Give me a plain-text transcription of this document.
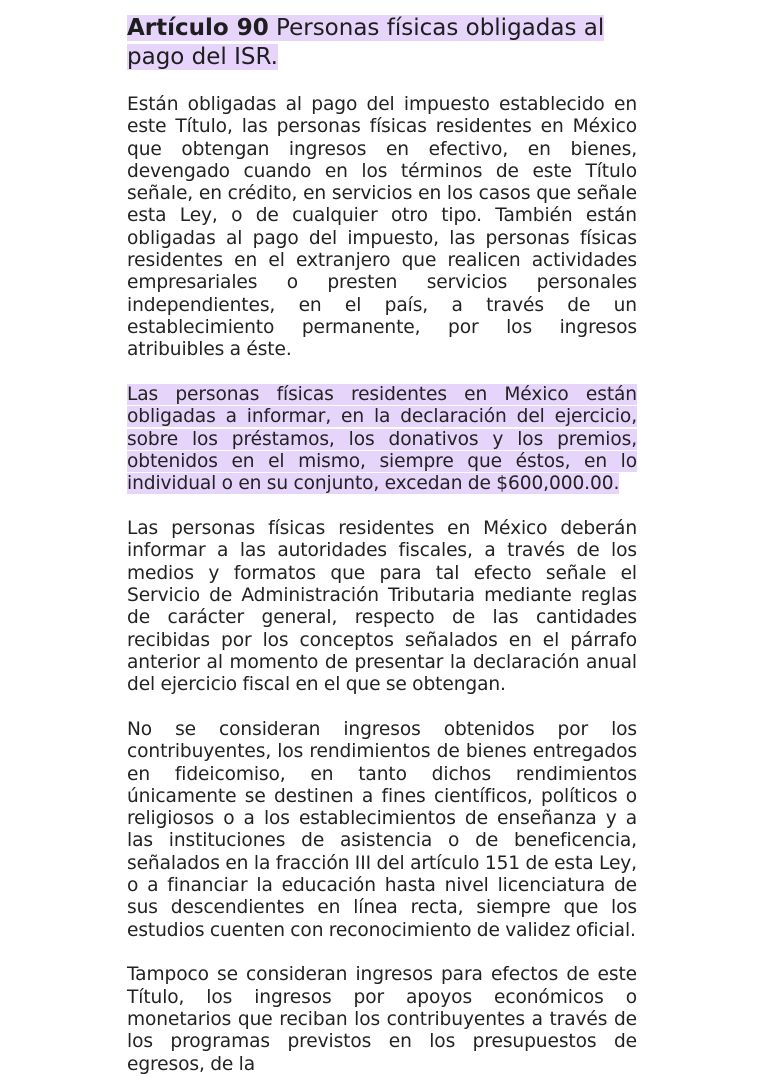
Artículo 90 Personas físicas obligadas al pago del ISR.

Están obligadas al pago del impuesto establecido en este Título, las personas físicas residentes en México que obtengan ingresos en efectivo, en bienes, devengado cuando en los términos de este Título señale, en crédito, en servicios en los casos que señale esta Ley, o de cualquier otro tipo. También están obligadas al pago del impuesto, las personas físicas residentes en el extranjero que realicen actividades empresariales o presten servicios personales independientes, en el país, a través de un establecimiento permanente, por los ingresos atribuibles a éste.

Las personas físicas residentes en México están obligadas a informar, en la declaración del ejercicio, sobre los préstamos, los donativos y los premios, obtenidos en el mismo, siempre que éstos, en lo individual o en su conjunto, excedan de $600,000.00.

Las personas físicas residentes en México deberán informar a las autoridades fiscales, a través de los medios y formatos que para tal efecto señale el Servicio de Administración Tributaria mediante reglas de carácter general, respecto de las cantidades recibidas por los conceptos señalados en el párrafo anterior al momento de presentar la declaración anual del ejercicio fiscal en el que se obtengan.

No se consideran ingresos obtenidos por los contribuyentes, los rendimientos de bienes entregados en fideicomiso, en tanto dichos rendimientos únicamente se destinen a fines científicos, políticos o religiosos o a los establecimientos de enseñanza y a las instituciones de asistencia o de beneficencia, señalados en la fracción III del artículo 151 de esta Ley, o a financiar la educación hasta nivel licenciatura de sus descendientes en línea recta, siempre que los estudios cuenten con reconocimiento de validez oficial.

Tampoco se consideran ingresos para efectos de este Título, los ingresos por apoyos económicos o monetarios que reciban los contribuyentes a través de los programas previstos en los presupuestos de egresos, de la
